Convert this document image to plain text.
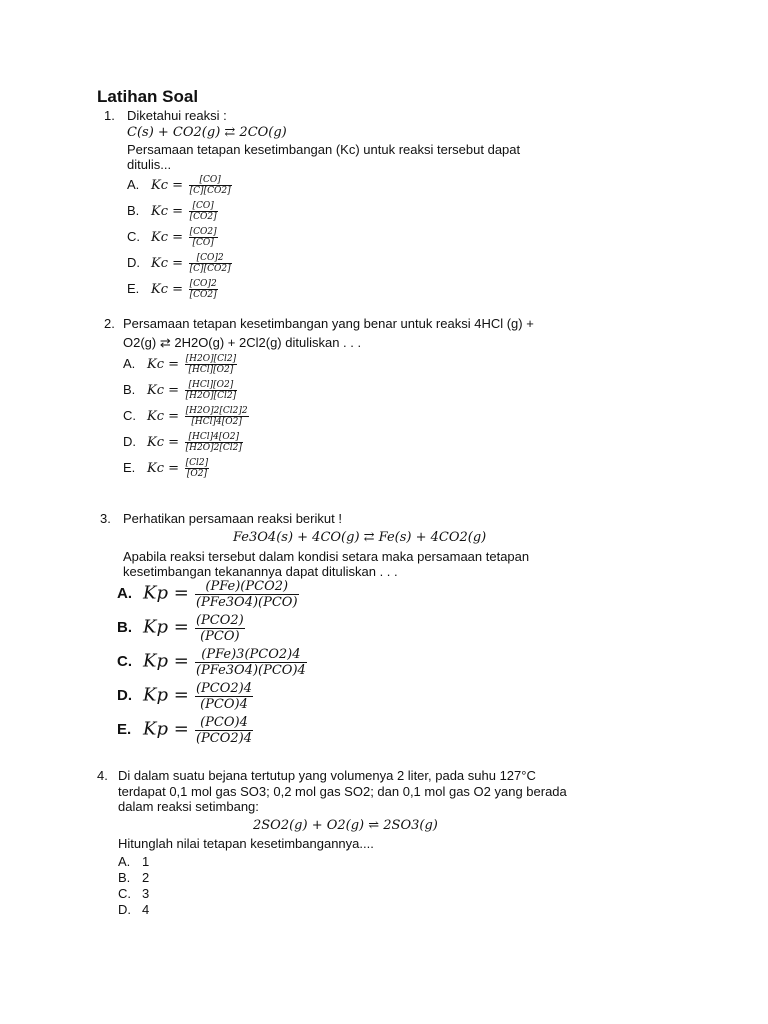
Latihan Soal
1. Diketahui reaksi :
C(s) + CO2(g) ⇄ 2CO(g)
Persamaan tetapan kesetimbangan (Kc) untuk reaksi tersebut dapat
ditulis...
A. $Kc = \frac{[CO]}{[C][CO2]}$
B. $Kc = \frac{[CO]}{[CO2]}$
C. $Kc = \frac{[CO2]}{[CO]}$
D. $Kc = \frac{[CO]2}{[C][CO2]}$
E. $Kc = \frac{[CO]2}{[CO2]}$
2. Persamaan tetapan kesetimbangan yang benar untuk reaksi 4HCl (g) +
O2(g) ⇄ 2H2O(g) + 2Cl2(g) dituliskan . . .
A. $Kc = \frac{[H2O][Cl2]}{\text{[HCl][O2]}}$
B. $Kc = \frac{\text{[HCl][O2]}}{[H2O][Cl2]}$
C. $Kc = \frac{[H2O]2[Cl2]2}{\text{[HCl]4[O2]}}$
D. $Kc = \frac{\text{[HCl]4[O2]}}{[H2O]2[Cl2]}$
E. $Kc = \frac{[Cl2]}{[O2]}$
3. Perhatikan persamaan reaksi berikut !
Fe3O4(s) + 4CO(g) ⇄ Fe(s) + 4CO2(g)
Apabila reaksi tersebut dalam kondisi setara maka persamaan tetapan
kesetimbangan tekanannya dapat dituliskan . . .
A. $Kp = \frac{\text{(PFe)(PCO2)}}{\text{(PFe3O4)(PCO)}}$
B. $Kp = \frac{\text{(PCO2)}}{\text{(PCO)}}$
C. $Kp = \frac{\text{(PFe)3(PCO2)4}}{\text{(PFe3O4)(PCO)4}}$
D. $Kp = \frac{\text{(PCO2)4}}{\text{(PCO)4}}$
E. $Kp = \frac{\text{(PCO)4}}{\text{(PCO2)4}}$
4. Di dalam suatu bejana tertutup yang volumenya 2 liter, pada suhu 127°C
terdapat 0,1 mol gas SO3; 0,2 mol gas SO2; dan 0,1 mol gas O2 yang berada
dalam reaksi setimbang:
2SO2(g) + O2(g) ⇌ 2SO3(g)
Hitunglah nilai tetapan kesetimbangannya....
A. 1
B. 2
C. 3
D. 4
